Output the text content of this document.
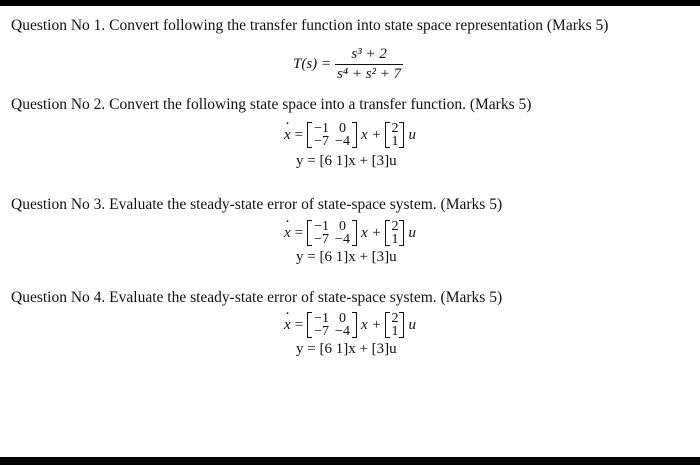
Question No 1. Convert following the transfer function into state space representation (Marks 5)
$T(s) = \frac{\text{s³ + 2}}{\text{s⁴ + s² + 7}}$
Question No 2. Convert the following state space into a transfer function. (Marks 5)
· x = −1	0
−7	−4 x + 2
1 u
y = [6 1]x + [3]u
Question No 3. Evaluate the steady-state error of state-space system. (Marks 5)
· x = −1	0
−7	−4 x + 2
1 u
y = [6 1]x + [3]u
Question No 4. Evaluate the steady-state error of state-space system. (Marks 5)
· x = −1	0
−7	−4 x + 2
1 u
y = [6 1]x + [3]u
